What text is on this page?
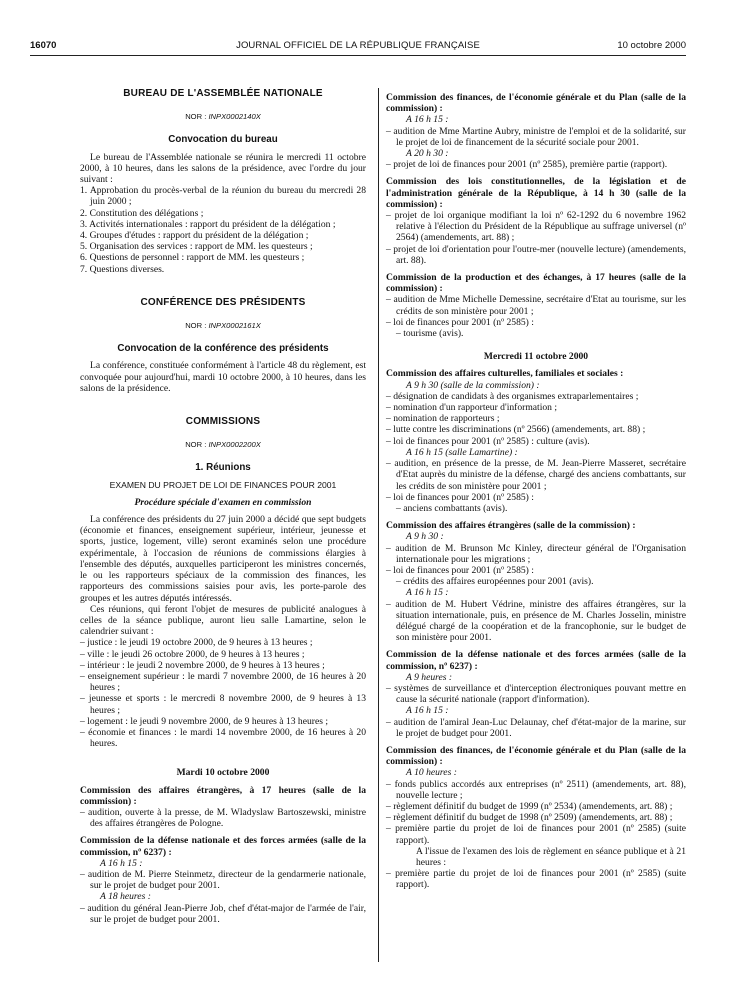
16070	JOURNAL OFFICIEL DE LA RÉPUBLIQUE FRANÇAISE	10 octobre 2000
BUREAU DE L'ASSEMBLÉE NATIONALE
NOR : INPX0002140X
Convocation du bureau

Le bureau de l'Assemblée nationale se réunira le mercredi 11 octobre 2000, à 10 heures, dans les salons de la présidence, avec l'ordre du jour suivant :

1. Approbation du procès-verbal de la réunion du bureau du mercredi 28 juin 2000 ;

2. Constitution des délégations ;

3. Activités internationales : rapport du président de la délégation ;

4. Groupes d'études : rapport du président de la délégation ;

5. Organisation des services : rapport de MM. les questeurs ;

6. Questions de personnel : rapport de MM. les questeurs ;

7. Questions diverses.

CONFÉRENCE DES PRÉSIDENTS
NOR : INPX0002161X
Convocation de la conférence des présidents

La conférence, constituée conformément à l'article 48 du règlement, est convoquée pour aujourd'hui, mardi 10 octobre 2000, à 10 heures, dans les salons de la présidence.

COMMISSIONS
NOR : INPX0002200X
1. Réunions
EXAMEN DU PROJET DE LOI DE FINANCES POUR 2001
Procédure spéciale d'examen en commission

La conférence des présidents du 27 juin 2000 a décidé que sept budgets (économie et finances, enseignement supérieur, intérieur, jeunesse et sports, justice, logement, ville) seront examinés selon une procédure expérimentale, à l'occasion de réunions de commissions élargies à l'ensemble des députés, auxquelles participeront les ministres concernés, le ou les rapporteurs spéciaux de la commission des finances, les rapporteurs des commissions saisies pour avis, les porte-parole des groupes et les autres députés intéressés.

Ces réunions, qui feront l'objet de mesures de publicité analogues à celles de la séance publique, auront lieu salle Lamartine, selon le calendrier suivant :

– justice : le jeudi 19 octobre 2000, de 9 heures à 13 heures ;

– ville : le jeudi 26 octobre 2000, de 9 heures à 13 heures ;

– intérieur : le jeudi 2 novembre 2000, de 9 heures à 13 heures ;

– enseignement supérieur : le mardi 7 novembre 2000, de 16 heures à 20 heures ;

– jeunesse et sports : le mercredi 8 novembre 2000, de 9 heures à 13 heures ;

– logement : le jeudi 9 novembre 2000, de 9 heures à 13 heures ;

– économie et finances : le mardi 14 novembre 2000, de 16 heures à 20 heures.

Mardi 10 octobre 2000

Commission des affaires étrangères, à 17 heures (salle de la commission) :

– audition, ouverte à la presse, de M. Wladyslaw Bartoszewski, ministre des affaires étrangères de Pologne.

Commission de la défense nationale et des forces armées (salle de la commission, nº 6237) :

A 16 h 15 :

– audition de M. Pierre Steinmetz, directeur de la gendarmerie nationale, sur le projet de budget pour 2001.

A 18 heures :

– audition du général Jean-Pierre Job, chef d'état-major de l'armée de l'air, sur le projet de budget pour 2001.

Commission des finances, de l'économie générale et du Plan (salle de la commission) :

A 16 h 15 :

– audition de Mme Martine Aubry, ministre de l'emploi et de la solidarité, sur le projet de loi de financement de la sécurité sociale pour 2001.

A 20 h 30 :

– projet de loi de finances pour 2001 (nº 2585), première partie (rapport).

Commission des lois constitutionnelles, de la législation et de l'administration générale de la République, à 14 h 30 (salle de la commission) :

– projet de loi organique modifiant la loi nº 62-1292 du 6 novembre 1962 relative à l'élection du Président de la République au suffrage universel (nº 2564) (amendements, art. 88) ;

– projet de loi d'orientation pour l'outre-mer (nouvelle lecture) (amendements, art. 88).

Commission de la production et des échanges, à 17 heures (salle de la commission) :

– audition de Mme Michelle Demessine, secrétaire d'Etat au tourisme, sur les crédits de son ministère pour 2001 ;

– loi de finances pour 2001 (nº 2585) :

– tourisme (avis).

Mercredi 11 octobre 2000

Commission des affaires culturelles, familiales et sociales :

A 9 h 30 (salle de la commission) :

– désignation de candidats à des organismes extraparlementaires ;

– nomination d'un rapporteur d'information ;

– nomination de rapporteurs ;

– lutte contre les discriminations (nº 2566) (amendements, art. 88) ;

– loi de finances pour 2001 (nº 2585) : culture (avis).

A 16 h 15 (salle Lamartine) :

– audition, en présence de la presse, de M. Jean-Pierre Masseret, secrétaire d'Etat auprès du ministre de la défense, chargé des anciens combattants, sur les crédits de son ministère pour 2001 ;

– loi de finances pour 2001 (nº 2585) :

– anciens combattants (avis).

Commission des affaires étrangères (salle de la commission) :

A 9 h 30 :

– audition de M. Brunson Mc Kinley, directeur général de l'Organisation internationale pour les migrations ;

– loi de finances pour 2001 (nº 2585) :

– crédits des affaires européennes pour 2001 (avis).

A 16 h 15 :

– audition de M. Hubert Védrine, ministre des affaires étrangères, sur la situation internationale, puis, en présence de M. Charles Josselin, ministre délégué chargé de la coopération et de la francophonie, sur le budget de son ministère pour 2001.

Commission de la défense nationale et des forces armées (salle de la commission, nº 6237) :

A 9 heures :

– systèmes de surveillance et d'interception électroniques pouvant mettre en cause la sécurité nationale (rapport d'information).

A 16 h 15 :

– audition de l'amiral Jean-Luc Delaunay, chef d'état-major de la marine, sur le projet de budget pour 2001.

Commission des finances, de l'économie générale et du Plan (salle de la commission) :

A 10 heures :

– fonds publics accordés aux entreprises (nº 2511) (amendements, art. 88), nouvelle lecture ;

– règlement définitif du budget de 1999 (nº 2534) (amendements, art. 88) ;

– règlement définitif du budget de 1998 (nº 2509) (amendements, art. 88) ;

– première partie du projet de loi de finances pour 2001 (nº 2585) (suite rapport).

A l'issue de l'examen des lois de règlement en séance publique et à 21 heures :

– première partie du projet de loi de finances pour 2001 (nº 2585) (suite rapport).
